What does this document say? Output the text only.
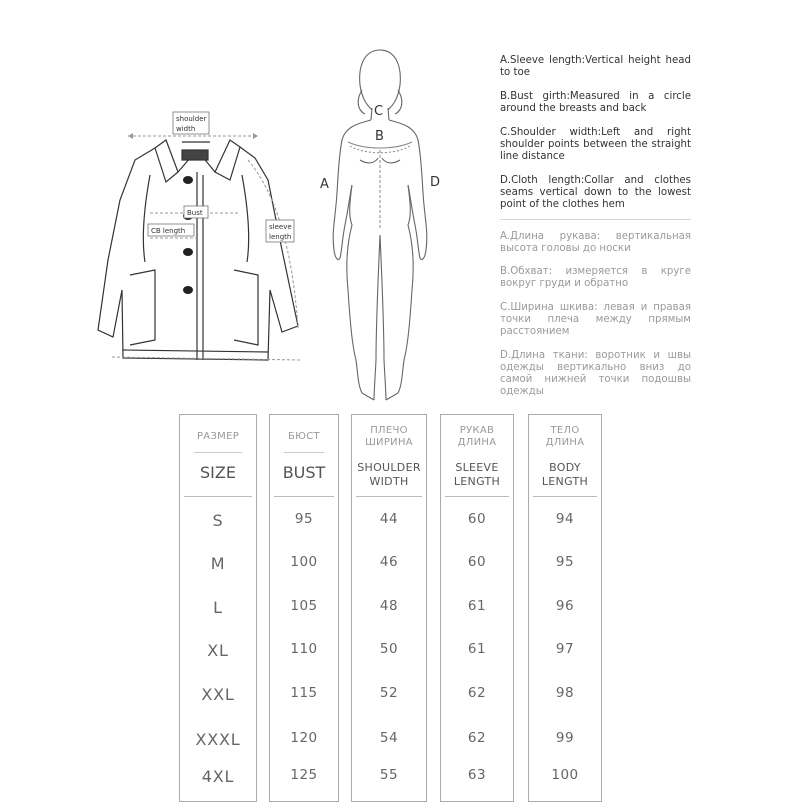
shoulder
width
Bust
CB length	sleeve
length
C
B
A	D
A.Sleeve length:Vertical height head to toe
B.Bust girth:Measured in a circle around the breasts and back
C.Shoulder width:Left and right shoulder points between the straight line distance
D.Cloth length:Collar and clothes seams vertical down to the lowest point of the clothes hem
A.Длина рукава: вертикальная высота головы до носки
B.Обхват: измеряется в круге вокруг груди и обратно
C.Ширина шкива: левая и правая точки плеча между прямым расстоянием
D.Длина ткани: воротник и швы одежды вертикально вниз до самой нижней точки подошвы одежды
РАЗМЕР
SIZE
S
M
L
XL
XXL
XXXL
4XL
БЮСТ
BUST
95
100
105
110
115
120
125
ПЛЕЧО
ШИРИНА
SHOULDER
WIDTH
44
46
48
50
52
54
55
РУКАВ
ДЛИНА
SLEEVE
LENGTH
60
60
61
61
62
62
63
ТЕЛО
ДЛИНА
BODY
LENGTH
94
95
96
97
98
99
100
